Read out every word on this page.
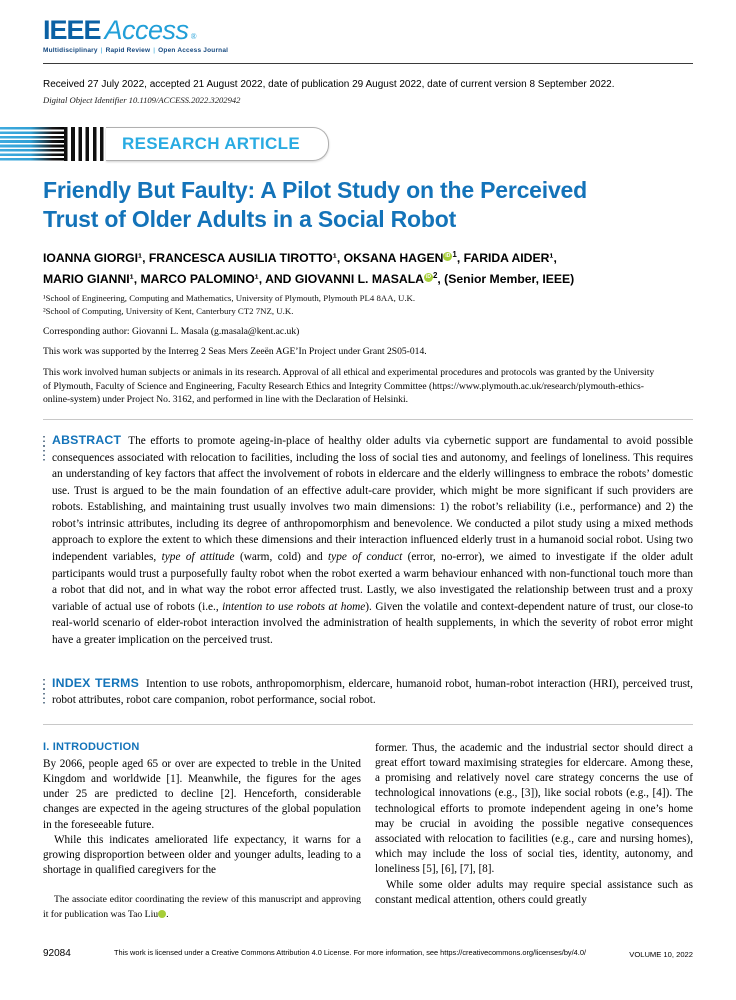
IEEE Access ®
Multidisciplinary | Rapid Review | Open Access Journal
Received 27 July 2022, accepted 21 August 2022, date of publication 29 August 2022, date of current version 8 September 2022.
Digital Object Identifier 10.1109/ACCESS.2022.3202942
RESEARCH ARTICLE
Friendly But Faulty: A Pilot Study on the Perceived Trust of Older Adults in a Social Robot
IOANNA GIORGI¹, FRANCESCA AUSILIA TIROTTO¹, OKSANA HAGEN iD $^1$, FARIDA AIDER¹,
MARIO GIANNI¹, MARCO PALOMINO¹, AND GIOVANNI L. MASALA iD $^2$, (Senior Member, IEEE)
¹School of Engineering, Computing and Mathematics, University of Plymouth, Plymouth PL4 8AA, U.K.
²School of Computing, University of Kent, Canterbury CT2 7NZ, U.K.
Corresponding author: Giovanni L. Masala (g.masala@kent.ac.uk)
This work was supported by the Interreg 2 Seas Mers Zeeën AGE’In Project under Grant 2S05-014.
This work involved human subjects or animals in its research. Approval of all ethical and experimental procedures and protocols was granted by the University of Plymouth, Faculty of Science and Engineering, Faculty Research Ethics and Integrity Committee (https://www.plymouth.ac.uk/research/plymouth-ethics-online-system) under Project No. 3162, and performed in line with the Declaration of Helsinki.
ABSTRACT The efforts to promote ageing-in-place of healthy older adults via cybernetic support are fundamental to avoid possible consequences associated with relocation to facilities, including the loss of social ties and autonomy, and feelings of loneliness. This requires an understanding of key factors that affect the involvement of robots in eldercare and the elderly willingness to embrace the robots’ domestic use. Trust is argued to be the main foundation of an effective adult-care provider, which might be more significant if such providers are robots. Establishing, and maintaining trust usually involves two main dimensions: 1) the robot’s reliability (i.e., performance) and 2) the robot’s intrinsic attributes, including its degree of anthropomorphism and benevolence. We conducted a pilot study using a mixed methods approach to explore the extent to which these dimensions and their interaction influenced elderly trust in a humanoid social robot. Using two independent variables, type of attitude (warm, cold) and type of conduct (error, no-error), we aimed to investigate if the older adult participants would trust a purposefully faulty robot when the robot exerted a warm behaviour enhanced with non-functional touch more than a robot that did not, and in what way the robot error affected trust. Lastly, we also investigated the relationship between trust and a proxy variable of actual use of robots (i.e., intention to use robots at home). Given the volatile and context-dependent nature of trust, our close-to real-world scenario of elder-robot interaction involved the administration of health supplements, in which the severity of robot error might have a greater implication on the perceived trust.
INDEX TERMS Intention to use robots, anthropomorphism, eldercare, humanoid robot, human-robot interaction (HRI), perceived trust, robot attributes, robot care companion, robot performance, social robot.
I. INTRODUCTION

By 2066, people aged 65 or over are expected to treble in the United Kingdom and worldwide [1]. Meanwhile, the figures for the ages under 25 are predicted to decline [2]. Henceforth, considerable changes are expected in the ageing structures of the global population in the foreseeable future.

While this indicates ameliorated life expectancy, it warns for a growing disproportion between older and younger adults, leading to a shortage in qualified caregivers for the

The associate editor coordinating the review of this manuscript and approving it for publication was Tao Liu iD.

former. Thus, the academic and the industrial sector should direct a great effort toward maximising strategies for eldercare. Among these, a promising and relatively novel care strategy concerns the use of technological innovations (e.g., [3]), like social robots (e.g., [4]). The technological efforts to promote independent ageing in one’s home may be crucial in avoiding the possible negative consequences associated with relocation to facilities (e.g., care and nursing homes), which may include the loss of social ties, identity, autonomy, and loneliness [5], [6], [7], [8].

While some older adults may require special assistance such as constant medical attention, others could greatly

92084	This work is licensed under a Creative Commons Attribution 4.0 License. For more information, see https://creativecommons.org/licenses/by/4.0/	VOLUME 10, 2022
